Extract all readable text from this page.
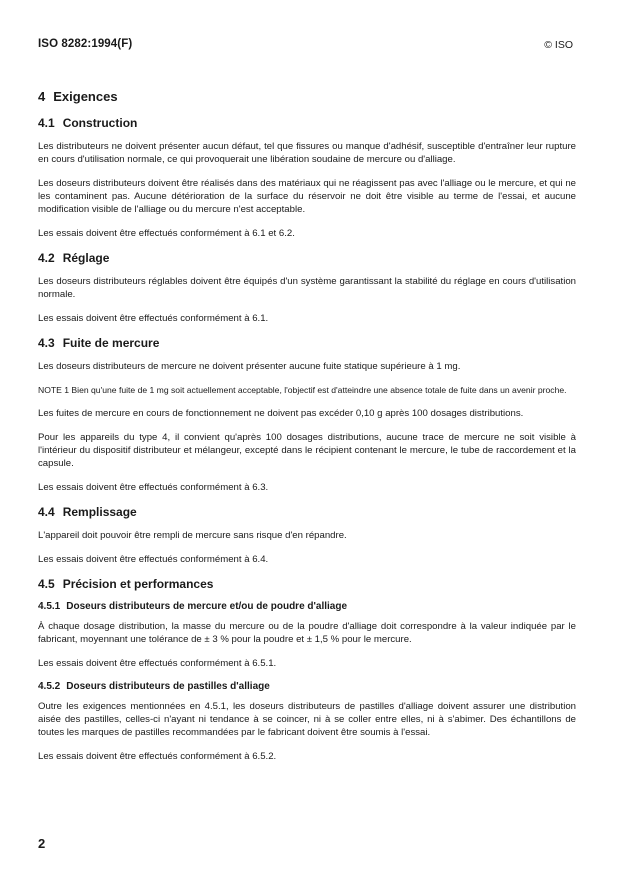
ISO 8282:1994(F)	© ISO
4 Exigences
4.1 Construction

Les distributeurs ne doivent présenter aucun défaut, tel que fissures ou manque d'adhésif, susceptible d'entraîner leur rupture en cours d'utilisation normale, ce qui provoquerait une libération soudaine de mercure ou d'alliage.

Les doseurs distributeurs doivent être réalisés dans des matériaux qui ne réagissent pas avec l'alliage ou le mercure, et qui ne les contaminent pas. Aucune détérioration de la surface du réservoir ne doit être visible au terme de l'essai, et aucune modification visible de l'alliage ou du mercure n'est acceptable.

Les essais doivent être effectués conformément à 6.1 et 6.2.

4.2 Réglage

Les doseurs distributeurs réglables doivent être équipés d'un système garantissant la stabilité du réglage en cours d'utilisation normale.

Les essais doivent être effectués conformément à 6.1.

4.3 Fuite de mercure

Les doseurs distributeurs de mercure ne doivent présenter aucune fuite statique supérieure à 1 mg.

NOTE 1 Bien qu'une fuite de 1 mg soit actuellement acceptable, l'objectif est d'atteindre une absence totale de fuite dans un avenir proche.

Les fuites de mercure en cours de fonctionnement ne doivent pas excéder 0,10 g après 100 dosages distributions.

Pour les appareils du type 4, il convient qu'après 100 dosages distributions, aucune trace de mercure ne soit visible à l'intérieur du dispositif distributeur et mélangeur, excepté dans le récipient contenant le mercure, le tube de raccordement et la capsule.

Les essais doivent être effectués conformément à 6.3.

4.4 Remplissage

L'appareil doit pouvoir être rempli de mercure sans risque d'en répandre.

Les essais doivent être effectués conformément à 6.4.

4.5 Précision et performances
4.5.1 Doseurs distributeurs de mercure et/ou de poudre d'alliage

À chaque dosage distribution, la masse du mercure ou de la poudre d'alliage doit correspondre à la valeur indiquée par le fabricant, moyennant une tolérance de ± 3 % pour la poudre et ± 1,5 % pour le mercure.

Les essais doivent être effectués conformément à 6.5.1.

4.5.2 Doseurs distributeurs de pastilles d'alliage

Outre les exigences mentionnées en 4.5.1, les doseurs distributeurs de pastilles d'alliage doivent assurer une distribution aisée des pastilles, celles-ci n'ayant ni tendance à se coincer, ni à se coller entre elles, ni à s'abimer. Des échantillons de toutes les marques de pastilles recommandées par le fabricant doivent être soumis à l'essai.

Les essais doivent être effectués conformément à 6.5.2.

2
